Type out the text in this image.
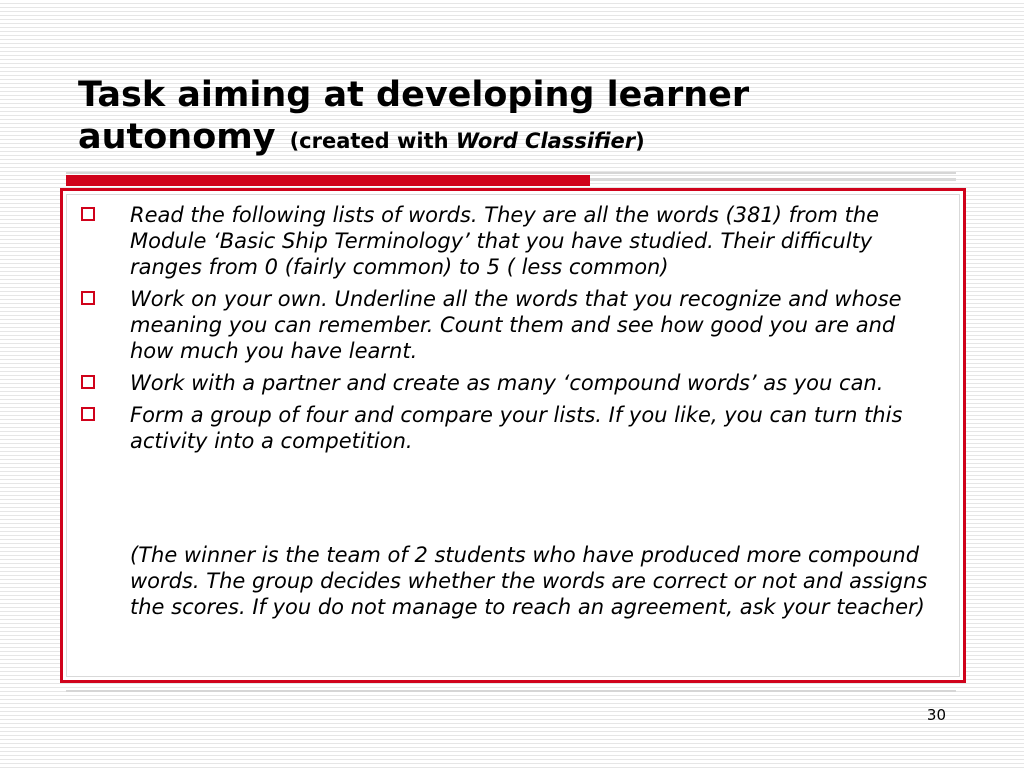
Task aiming at developing learner autonomy (created with Word Classifier)
Read the following lists of words. They are all the words (381) from the Module ‘Basic Ship Terminology’ that you have studied. Their difficulty ranges from 0 (fairly common) to 5 ( less common)
Work on your own. Underline all the words that you recognize and whose meaning you can remember. Count them and see how good you are and how much you have learnt.
Work with a partner and create as many ‘compound words’ as you can.
Form a group of four and compare your lists. If you like, you can turn this activity into a competition.

(The winner is the team of 2 students who have produced more compound words. The group decides whether the words are correct or not and assigns the scores. If you do not manage to reach an agreement, ask your teacher)

30
